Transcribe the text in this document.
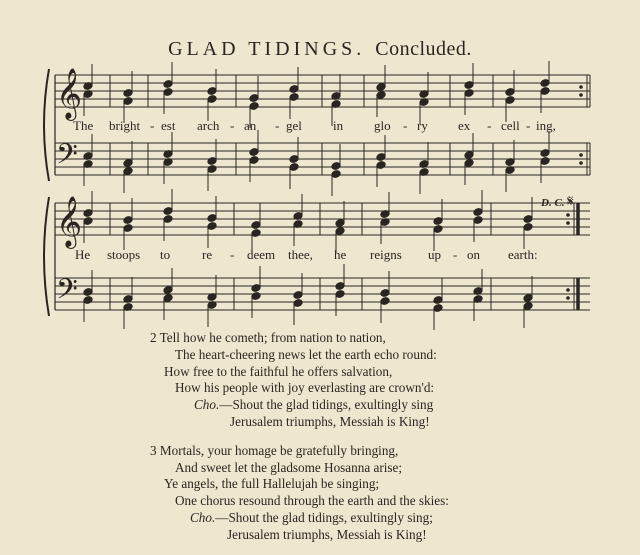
GLAD TIDINGS. Concluded.
𝄞
𝄢
𝄞
𝄢
The bright - est arch - an - gel in glo - ry ex - cell - ing,
He stoops to re - deem thee, he reigns up - on earth:
D. C. 𝄋
2 Tell how he cometh; from nation to nation,
The heart-cheering news let the earth echo round:
How free to the faithful he offers salvation,
How his people with joy everlasting are crown'd:
Cho.—Shout the glad tidings, exultingly sing
Jerusalem triumphs, Messiah is King!
3 Mortals, your homage be gratefully bringing,
And sweet let the gladsome Hosanna arise;
Ye angels, the full Hallelujah be singing;
One chorus resound through the earth and the skies:
Cho.—Shout the glad tidings, exultingly sing;
Jerusalem triumphs, Messiah is King!
